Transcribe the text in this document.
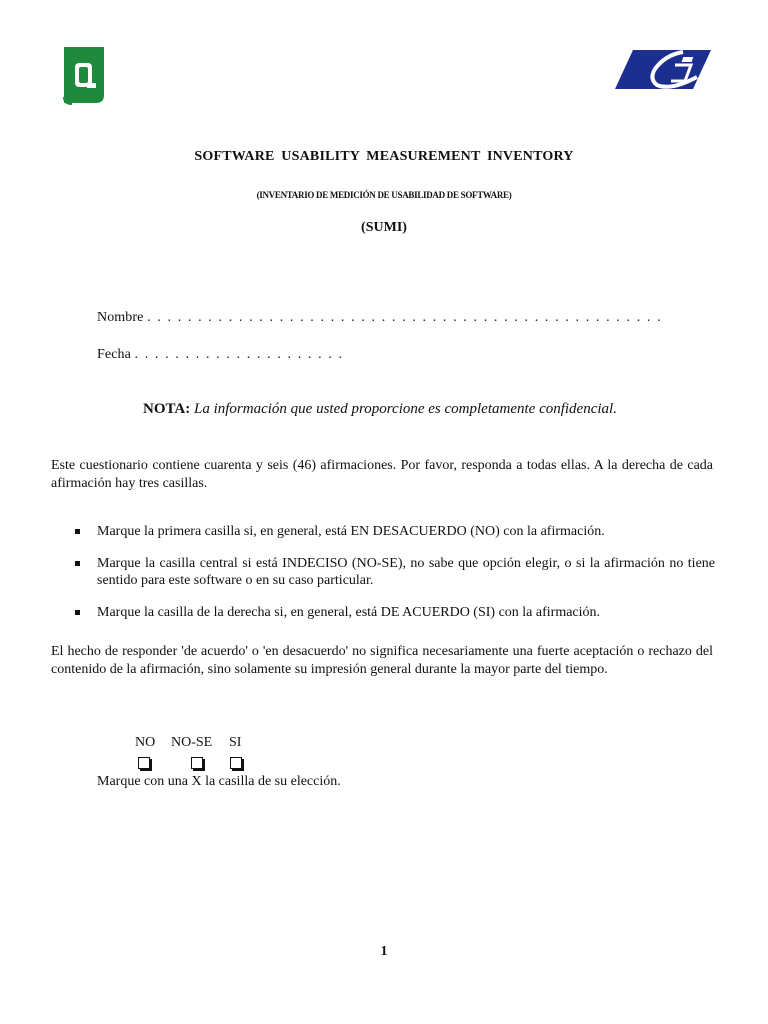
SOFTWARE USABILITY MEASUREMENT INVENTORY
(INVENTARIO DE MEDICIÓN DE USABILIDAD DE SOFTWARE)
(SUMI)
Nombre . . . . . . . . . . . . . . . . . . . . . . . . . . . . . . . . . . . . . . . . . . . . . . . . . . .
Fecha . . . . . . . . . . . . . . . . . . . . .
NOTA: La información que usted proporcione es completamente confidencial.
Este cuestionario contiene cuarenta y seis (46) afirmaciones. Por favor, responda a todas ellas. A la derecha de cada afirmación hay tres casillas.
Marque la primera casilla si, en general, está EN DESACUERDO (NO) con la afirmación.
Marque la casilla central si está INDECISO (NO-SE), no sabe que opción elegir, o si la afirmación no tiene sentido para este software o en su caso particular.
Marque la casilla de la derecha si, en general, está DE ACUERDO (SI) con la afirmación.
El hecho de responder 'de acuerdo' o 'en desacuerdo' no significa necesariamente una fuerte aceptación o rechazo del contenido de la afirmación, sino solamente su impresión general durante la mayor parte del tiempo.
NO NO-SE SI
Marque con una X la casilla de su elección.
1
